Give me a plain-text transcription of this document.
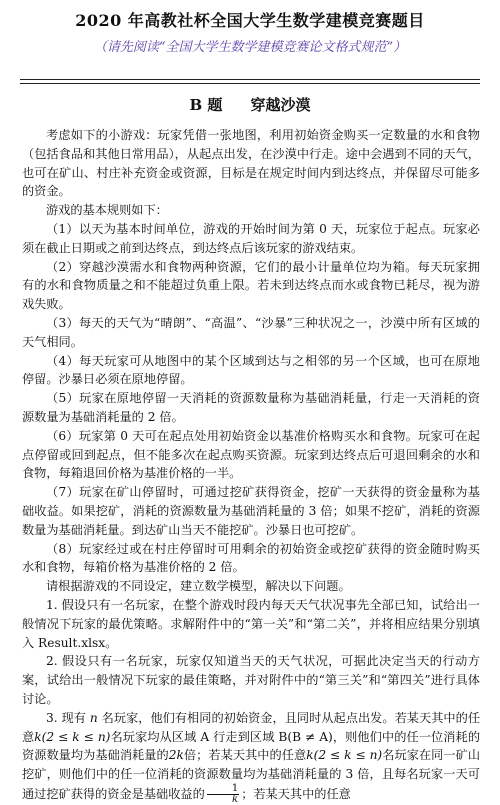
2020 年高教社杯全国大学生数学建模竞赛题目
（请先阅读“全国大学生数学建模竞赛论文格式规范”）
B 题 穿越沙漠

考虑如下的小游戏：玩家凭借一张地图，利用初始资金购买一定数量的水和食物（包括食品和其他日常用品），从起点出发，在沙漠中行走。途中会遇到不同的天气，也可在矿山、村庄补充资金或资源，目标是在规定时间内到达终点，并保留尽可能多的资金。

游戏的基本规则如下：

（1）以天为基本时间单位，游戏的开始时间为第 0 天，玩家位于起点。玩家必须在截止日期或之前到达终点，到达终点后该玩家的游戏结束。

（2）穿越沙漠需水和食物两种资源，它们的最小计量单位均为箱。每天玩家拥有的水和食物质量之和不能超过负重上限。若未到达终点而水或食物已耗尽，视为游戏失败。

（3）每天的天气为“晴朗”、“高温”、“沙暴”三种状况之一，沙漠中所有区域的天气相同。

（4）每天玩家可从地图中的某个区域到达与之相邻的另一个区域，也可在原地停留。沙暴日必须在原地停留。

（5）玩家在原地停留一天消耗的资源数量称为基础消耗量，行走一天消耗的资源数量为基础消耗量的 2 倍。

（6）玩家第 0 天可在起点处用初始资金以基准价格购买水和食物。玩家可在起点停留或回到起点，但不能多次在起点购买资源。玩家到达终点后可退回剩余的水和食物，每箱退回价格为基准价格的一半。

（7）玩家在矿山停留时，可通过挖矿获得资金，挖矿一天获得的资金量称为基础收益。如果挖矿，消耗的资源数量为基础消耗量的 3 倍；如果不挖矿，消耗的资源数量为基础消耗量。到达矿山当天不能挖矿。沙暴日也可挖矿。

（8）玩家经过或在村庄停留时可用剩余的初始资金或挖矿获得的资金随时购买水和食物，每箱价格为基准价格的 2 倍。

请根据游戏的不同设定，建立数学模型，解决以下问题。

1. 假设只有一名玩家，在整个游戏时段内每天天气状况事先全部已知，试给出一般情况下玩家的最优策略。求解附件中的“第一关”和“第二关”，并将相应结果分别填入 Result.xlsx。

2. 假设只有一名玩家，玩家仅知道当天的天气状况，可据此决定当天的行动方案，试给出一般情况下玩家的最佳策略，并对附件中的“第三关”和“第四关”进行具体讨论。

3. 现有 n 名玩家，他们有相同的初始资金，且同时从起点出发。若某天其中的任意k(2 ≤ k ≤ n)名玩家均从区域 A 行走到区域 B(B ≠ A)，则他们中的任一位消耗的资源数量均为基础消耗量的2k倍；若某天其中的任意k(2 ≤ k ≤ n)名玩家在同一矿山挖矿，则他们中的任一位消耗的资源数量均为基础消耗量的 3 倍，且每名玩家一天可通过挖矿获得的资金是基础收益的 $\frac{1}{k}$ ；若某天其中的任意
